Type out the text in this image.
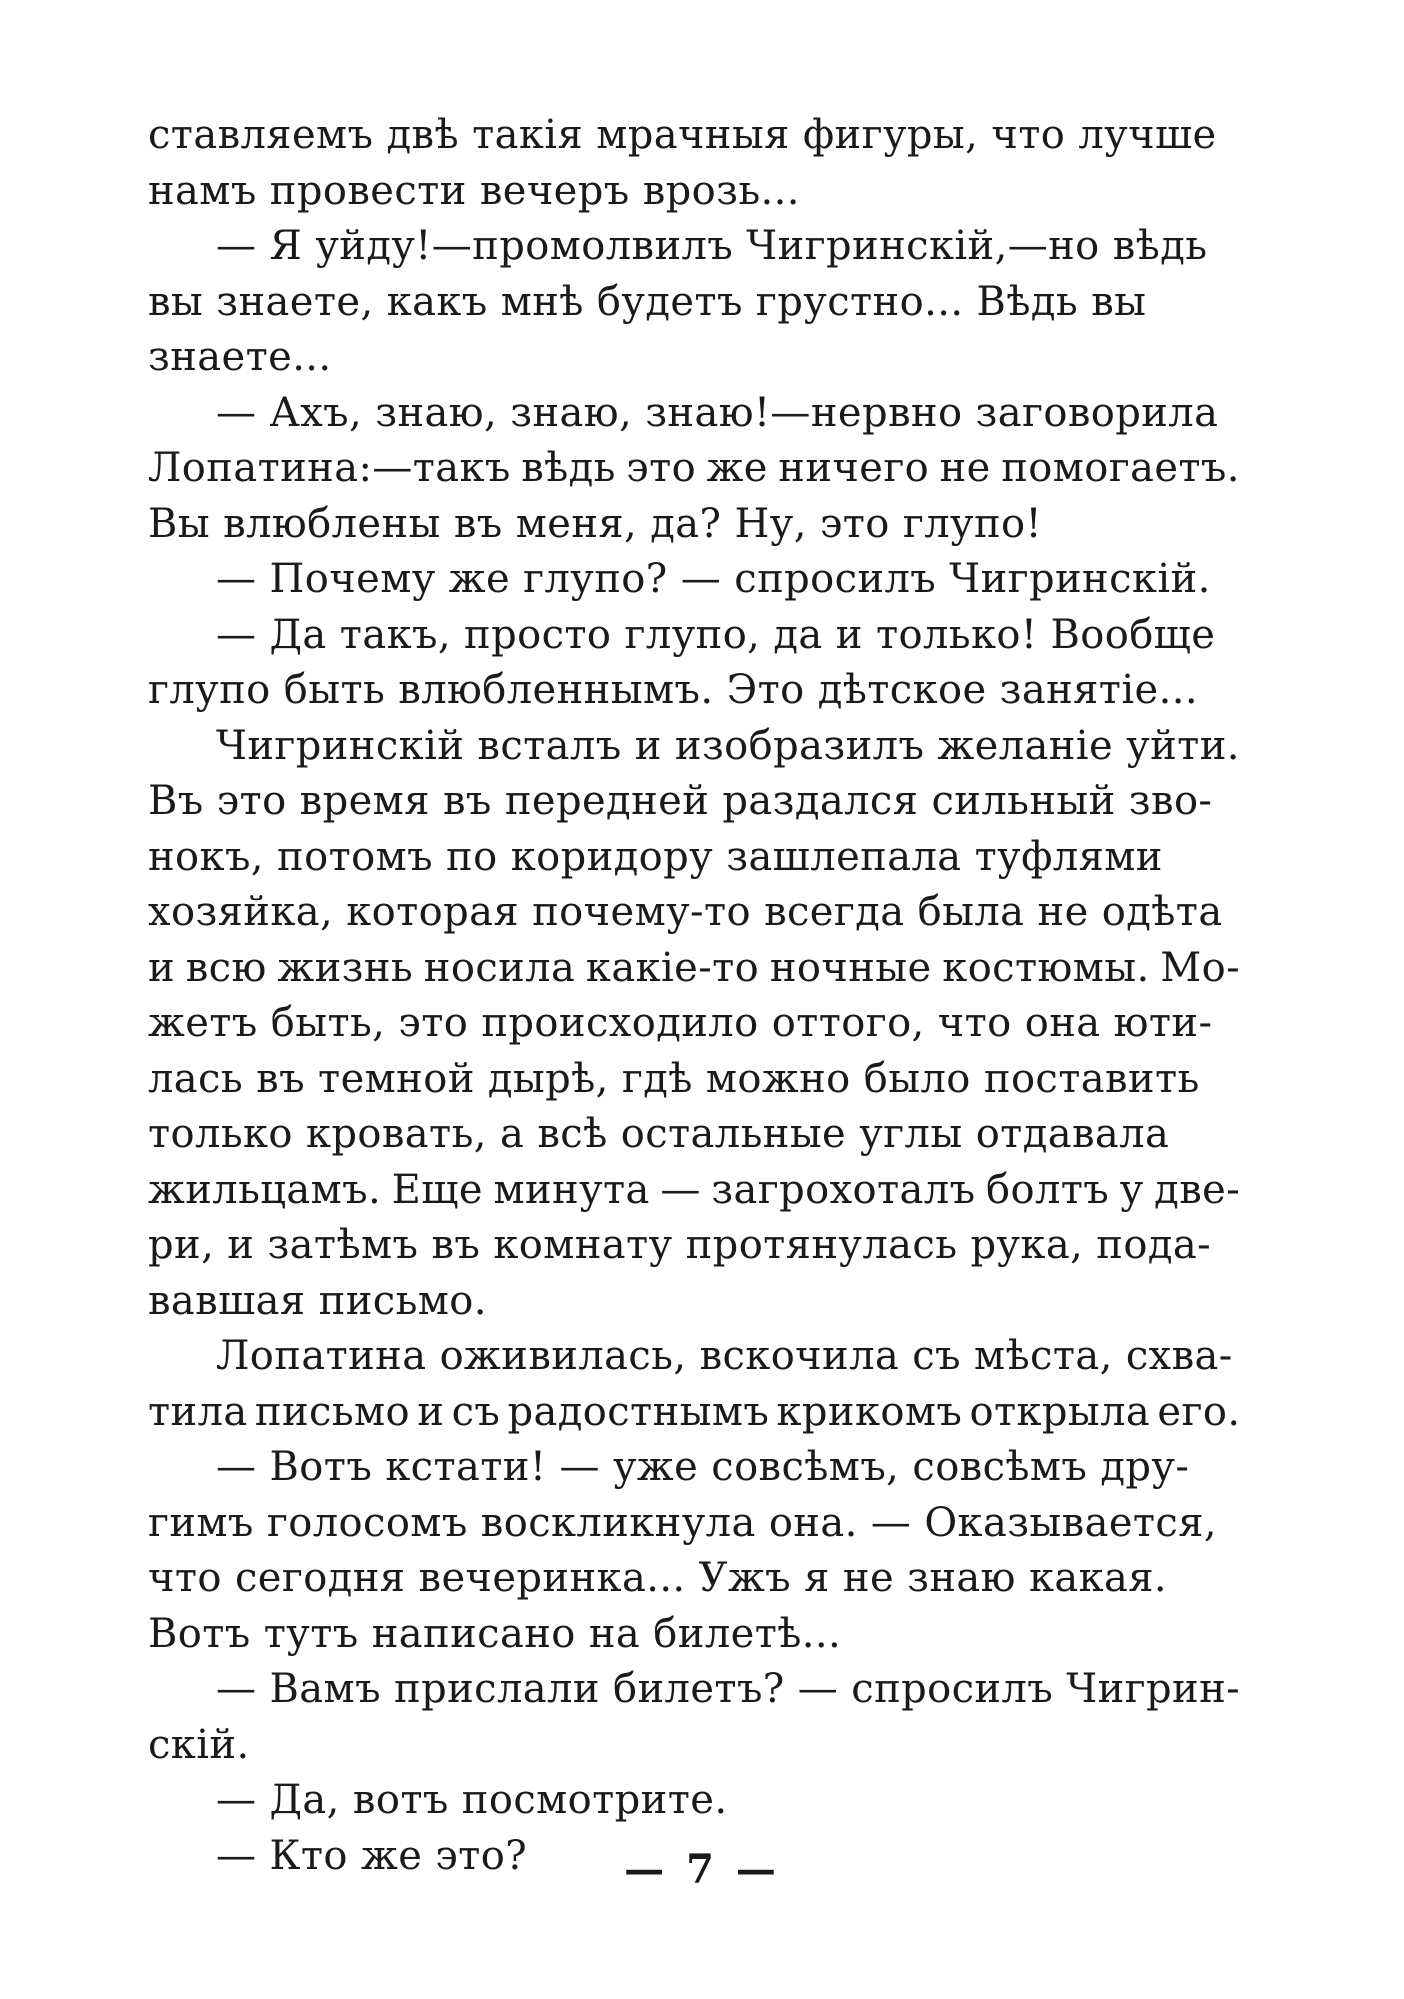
ставляемъ двѣ такія мрачныя фигуры, что лучше
намъ провести вечеръ врозь...
— Я уйду!—промолвилъ Чигринскій,—но вѣдь
вы знаете, какъ мнѣ будетъ грустно... Вѣдь вы
знаете...
— Ахъ, знаю, знаю, знаю!—нервно заговорила
Лопатина:—такъ вѣдь это же ничего не помогаетъ.
Вы влюблены въ меня, да? Ну, это глупо!
— Почему же глупо? — спросилъ Чигринскій.
— Да такъ, просто глупо, да и только! Вообще
глупо быть влюбленнымъ. Это дѣтское занятіе...
Чигринскій всталъ и изобразилъ желаніе уйти.
Въ это время въ передней раздался сильный зво-
нокъ, потомъ по коридору зашлепала туфлями
хозяйка, которая почему-то всегда была не одѣта
и всю жизнь носила какіе-то ночные костюмы. Мо-
жетъ быть, это происходило оттого, что она юти-
лась въ темной дырѣ, гдѣ можно было поставить
только кровать, а всѣ остальные углы отдавала
жильцамъ. Еще минута — загрохоталъ болтъ у две-
ри, и затѣмъ въ комнату протянулась рука, пода-
вавшая письмо.
Лопатина оживилась, вскочила съ мѣста, схва-
тила письмо и съ радостнымъ крикомъ открыла его.
— Вотъ кстати! — уже совсѣмъ, совсѣмъ дру-
гимъ голосомъ воскликнула она. — Оказывается,
что сегодня вечеринка... Ужъ я не знаю какая.
Вотъ тутъ написано на билетѣ...
— Вамъ прислали билетъ? — спросилъ Чигрин-
скій.
— Да, вотъ посмотрите.
— Кто же это?	— 7 —
